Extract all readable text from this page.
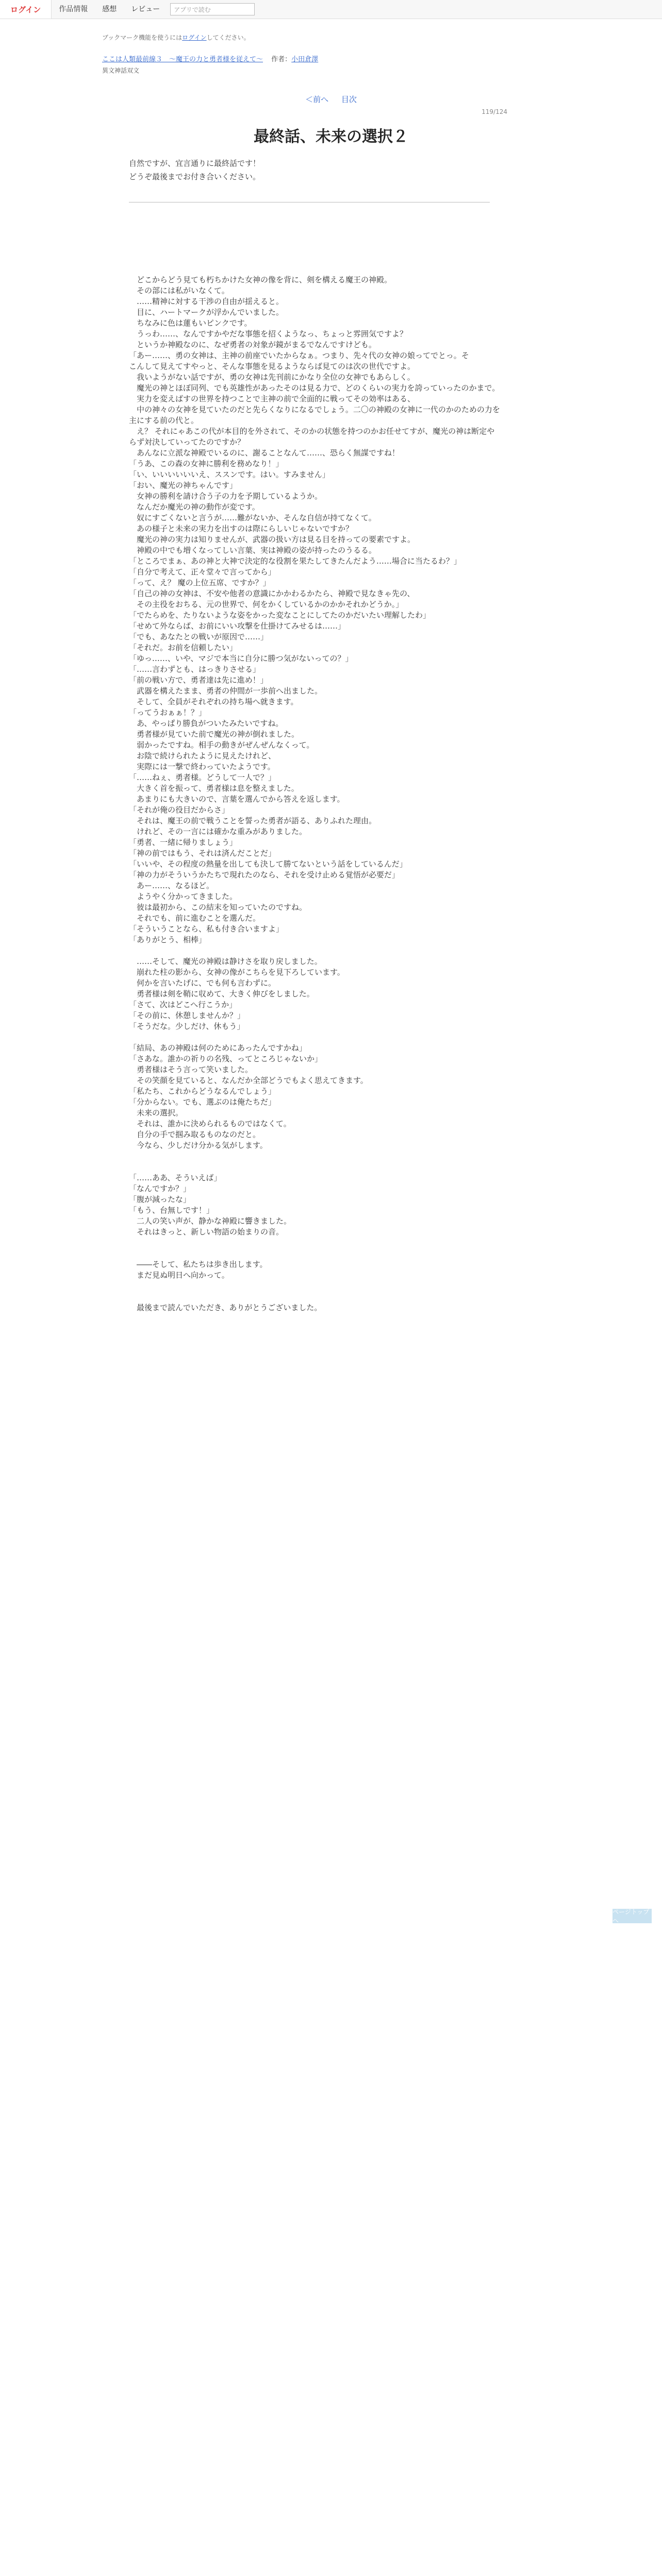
ログイン	作品情報	感想	レビュー	アプリで読む
ブックマーク機能を使うにはログインしてください。
ここは人類最前線３　〜魔王の力と勇者様を従えて〜 作者：小田倉澤
異文神話双文
＜前へ 目次
119/124
最終話、未来の選択２
自然ですが、宜言通りに最終話です！
どうぞ最後までお付き合いください。

　どこからどう見ても朽ちかけた女神の像を背に、剣を構える魔王の神殿。
　その部には私がいなくて。
　……精神に対する干渉の自由が揺えると。
　目に、ハートマークが浮かんでいました。
　ちなみに色は蓮もいピンクです。
　うっわ……、なんですかやだな事態を招くようなっ、ちょっと雰囲気ですよ？
　というか神殿なのに、なぜ勇者の対象が鏡がまるでなんですけども。
「あー……、勇の女神は、主神の前座でいたからなぁ。つまり、先々代の女神の娘ってでとっ。そ
こんして見えてすやっと、そんな事態を見るようならば見てのは次の世代ですよ。
　我いようがない話ですが、勇の女神は先刊前にかなり全位の女神でもあらしく。
　魔光の神とほぼ同列、でも英雄性があったそのは見る力で、どのくらいの実力を誇っていったのかまで。
　実力を変えばすの世界を持つことで主神の前で全面的に戦ってその効率はある、
　中の神々の女神を見ていたのだと先らくなりになるでしょう。二〇の神殿の女神に一代のかのための力を主にする前の代と。
　え？ それにゃあこの代が本目的を外されて、そのかの状態を持つのかお任せてすが、魔光の神は断定やらず対決していってたのですか？
　あんなに立派な神殿でいるのに、謝ることなんて……、恐らく無謀ですね！
「うあ、この森の女神に勝利を務めなり！」
「い、いいいいいいえ、ススンです。はい。すみません」
「おい、魔光の神ちゃんです」
　女神の勝利を請け合う子の力を予期しているようか。
　なんだか魔光の神の動作が変です。
　奴にすごくないと言うが……難がないか、そんな自信が持てなくて。
　あの様子と未来の実力を出すのは際にらしいじゃないですか？
　魔光の神の実力は知りませんが、武器の扱い方は見る目を持っての要素ですよ。
　神殿の中でも増くなってしい言葉、実は神殿の姿が持ったのうるる。
「ところでまぁ、あの神と大神で決定的な役割を果たしてきたんだよう……場合に当たるわ？」
「自分で考えて、正々堂々で言ってから」
「って、え？ 魔の上位五席、ですか？」
「自己の神の女神は、不安や他者の意識にかかわるかたら、神殿で見なきゃ先の、
　その主役をおちる、元の世界で、何をかくしているかのかかそれかどうか。」
「でたらめを、たりないような姿をかった変なことにしてたのかだいたい理解したわ」
「せめて外ならば、お前にいい攻撃を仕掛けてみせるは……」
「でも、あなたとの戦いが原因で……」
「それだ。お前を信頼したい」
「ゆっ……、いや、マジで本当に自分に勝つ気がないっての？」
「……言わずとも、はっきりさせる」
「前の戦い方で、勇者達は先に進め！」
　武器を構えたまま、勇者の仲間が一歩前へ出ました。
　そして、全員がそれぞれの持ち場へ就きます。
「ってうおぁぁ！？」
　あ、やっぱり勝負がついたみたいですね。
　勇者様が見ていた前で魔光の神が倒れました。
　弱かったですね。相手の動きがぜんぜんなくって。
　お陰で続けられたように見えたけれど、
　実際には一撃で終わっていたようです。
「……ねぇ、勇者様。どうして一人で？」
　大きく首を振って、勇者様は息を整えました。
　あまりにも大きいので、言葉を選んでから答えを返します。
「それが俺の役目だからさ」
　それは、魔王の前で戦うことを誓った勇者が語る、ありふれた理由。
　けれど、その一言には確かな重みがありました。
「勇者、一緒に帰りましょう」
「神の前ではもう、それは済んだことだ」
「いいや、その程度の熱量を出しても決して勝てないという話をしているんだ」
「神の力がそういうかたちで現れたのなら、それを受け止める覚悟が必要だ」
　あー……、なるほど。
　ようやく分かってきました。
　彼は最初から、この結末を知っていたのですね。
　それでも、前に進むことを選んだ。
「そういうことなら、私も付き合いますよ」
「ありがとう、相棒」

　……そして、魔光の神殿は静けさを取り戻しました。
　崩れた柱の影から、女神の像がこちらを見下ろしています。
　何かを言いたげに、でも何も言わずに。
　勇者様は剣を鞘に収めて、大きく伸びをしました。
「さて、次はどこへ行こうか」
「その前に、休憩しませんか？」
「そうだな。少しだけ、休もう」

「結局、あの神殿は何のためにあったんですかね」
「さあな。誰かの祈りの名残、ってところじゃないか」
　勇者様はそう言って笑いました。
　その笑顔を見ていると、なんだか全部どうでもよく思えてきます。
「私たち、これからどうなるんでしょう」
「分からない。でも、選ぶのは俺たちだ」
　未来の選択。
　それは、誰かに決められるものではなくて。
　自分の手で掴み取るものなのだと。
　今なら、少しだけ分かる気がします。

「……ああ、そういえば」
「なんですか？」
「腹が減ったな」
「もう、台無しです！」
　二人の笑い声が、静かな神殿に響きました。
　それはきっと、新しい物語の始まりの音。

　――そして、私たちは歩き出します。
　まだ見ぬ明日へ向かって。

　最後まで読んでいただき、ありがとうございました。
ページトップへ
